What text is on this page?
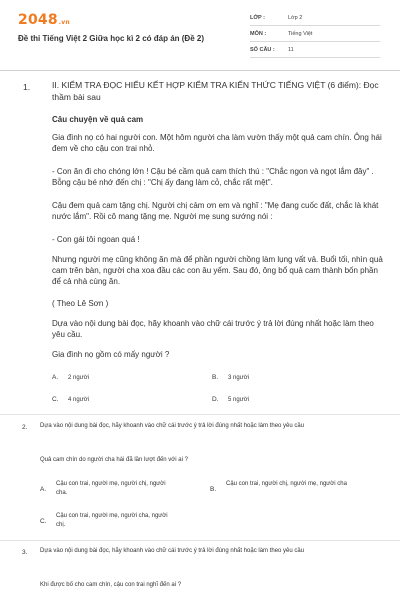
2048.vn
Đề thi Tiếng Việt 2 Giữa học kì 2 có đáp án (Đề 2)
LỚP :	Lớp 2
MÔN :	Tiếng Việt
SỐ CÂU :	11
1.	II. KIỂM TRA ĐỌC HIỂU KẾT HỢP KIỂM TRA KIẾN THỨC TIẾNG VIỆT (6 điểm): Đọc thầm bài sau
Câu chuyện về quả cam
Gia đình nọ có hai người con. Một hôm người cha làm vườn thấy một quả cam chín. Ông hái đem về cho cậu con trai nhỏ.
- Con ăn đi cho chóng lớn ! Cậu bé cầm quả cam thích thú : "Chắc ngon và ngọt lắm đây" . Bỗng cậu bé nhớ đến chị : "Chị ấy đang làm cỏ, chắc rất mệt".
Cậu đem quả cam tặng chị. Người chị cảm ơn em và nghĩ : "Mẹ đang cuốc đất, chắc là khát nước lắm". Rồi cô mang tặng mẹ. Người mẹ sung sướng nói :
- Con gái tôi ngoan quá !
Nhưng người mẹ cũng không ăn mà để phần người chồng làm lụng vất vả. Buổi tối, nhìn quả cam trên bàn, người cha xoa đầu các con âu yếm. Sau đó, ông bổ quả cam thành bốn phần để cả nhà cùng ăn.
( Theo Lê Sơn )
Dựa vào nội dung bài đọc, hãy khoanh vào chữ cái trước ý trả lời đúng nhất hoặc làm theo yêu cầu.
Gia đình nọ gồm có mấy người ?
A.	2 người	B.	3 người
C.	4 người	D.	5 người
2. Dựa vào nội dung bài đọc, hãy khoanh vào chữ cái trước ý trả lời đúng nhất hoặc làm theo yêu cầu
Quả cam chín do người cha hái đã lần lượt đến với ai ?
A.
Cậu con trai, người mẹ, người chị, người cha.	B.
Cậu con trai, người chị, người mẹ, người cha
C.
Cậu con trai, người mẹ, người cha, người chị.
3. Dựa vào nội dung bài đọc, hãy khoanh vào chữ cái trước ý trả lời đúng nhất hoặc làm theo yêu cầu
Khi được bố cho cam chín, cậu con trai nghĩ đến ai ?
